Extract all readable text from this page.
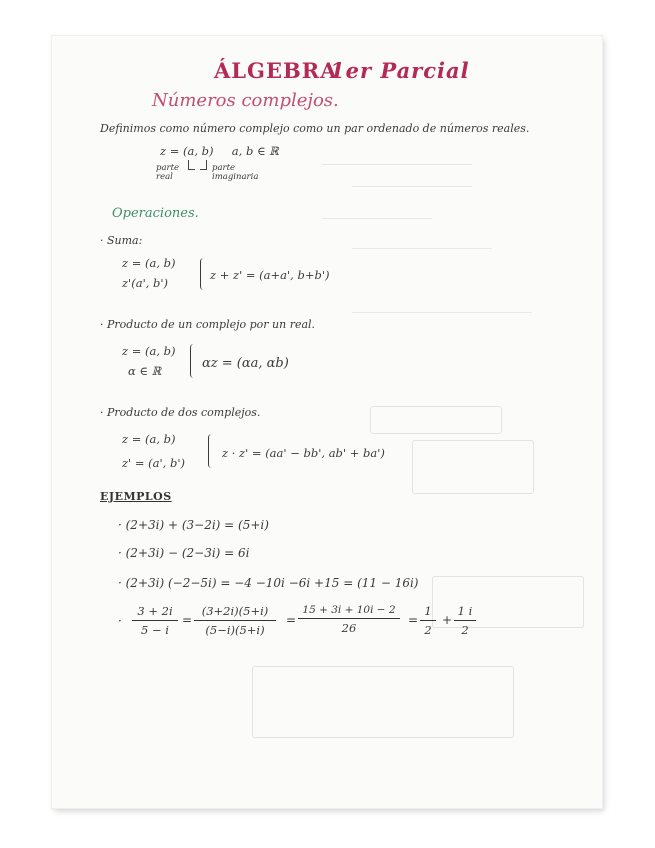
ÁLGEBRA
1er Parcial
Números complejos.
Definimos como número complejo como un par ordenado de números reales.
z = (a, b)     a, b ∈ ℝ
parte real
parte imaginaria
Operaciones.
· Suma:
z = (a, b)
z'(a', b')
z + z' = (a+a', b+b')
· Producto de un complejo por un real.
z = (a, b)
α ∈ ℝ	αz = (αa, αb)
· Producto de dos complejos.
z = (a, b)
z' = (a', b')
z · z' = (aa' − bb', ab' + ba')
EJEMPLOS
· (2+3i) + (3−2i) = (5+i)
· (2+3i) − (2−3i) = 6i
· (2+3i) (−2−5i) = −4 −10i −6i +15 = (11 − 16i)
·
3 + 2i
5 − i
=
(3+2i)(5+i)
(5−i)(5+i)
=
15 + 3i + 10i − 2
26
=
1
2
+
1 i
2
